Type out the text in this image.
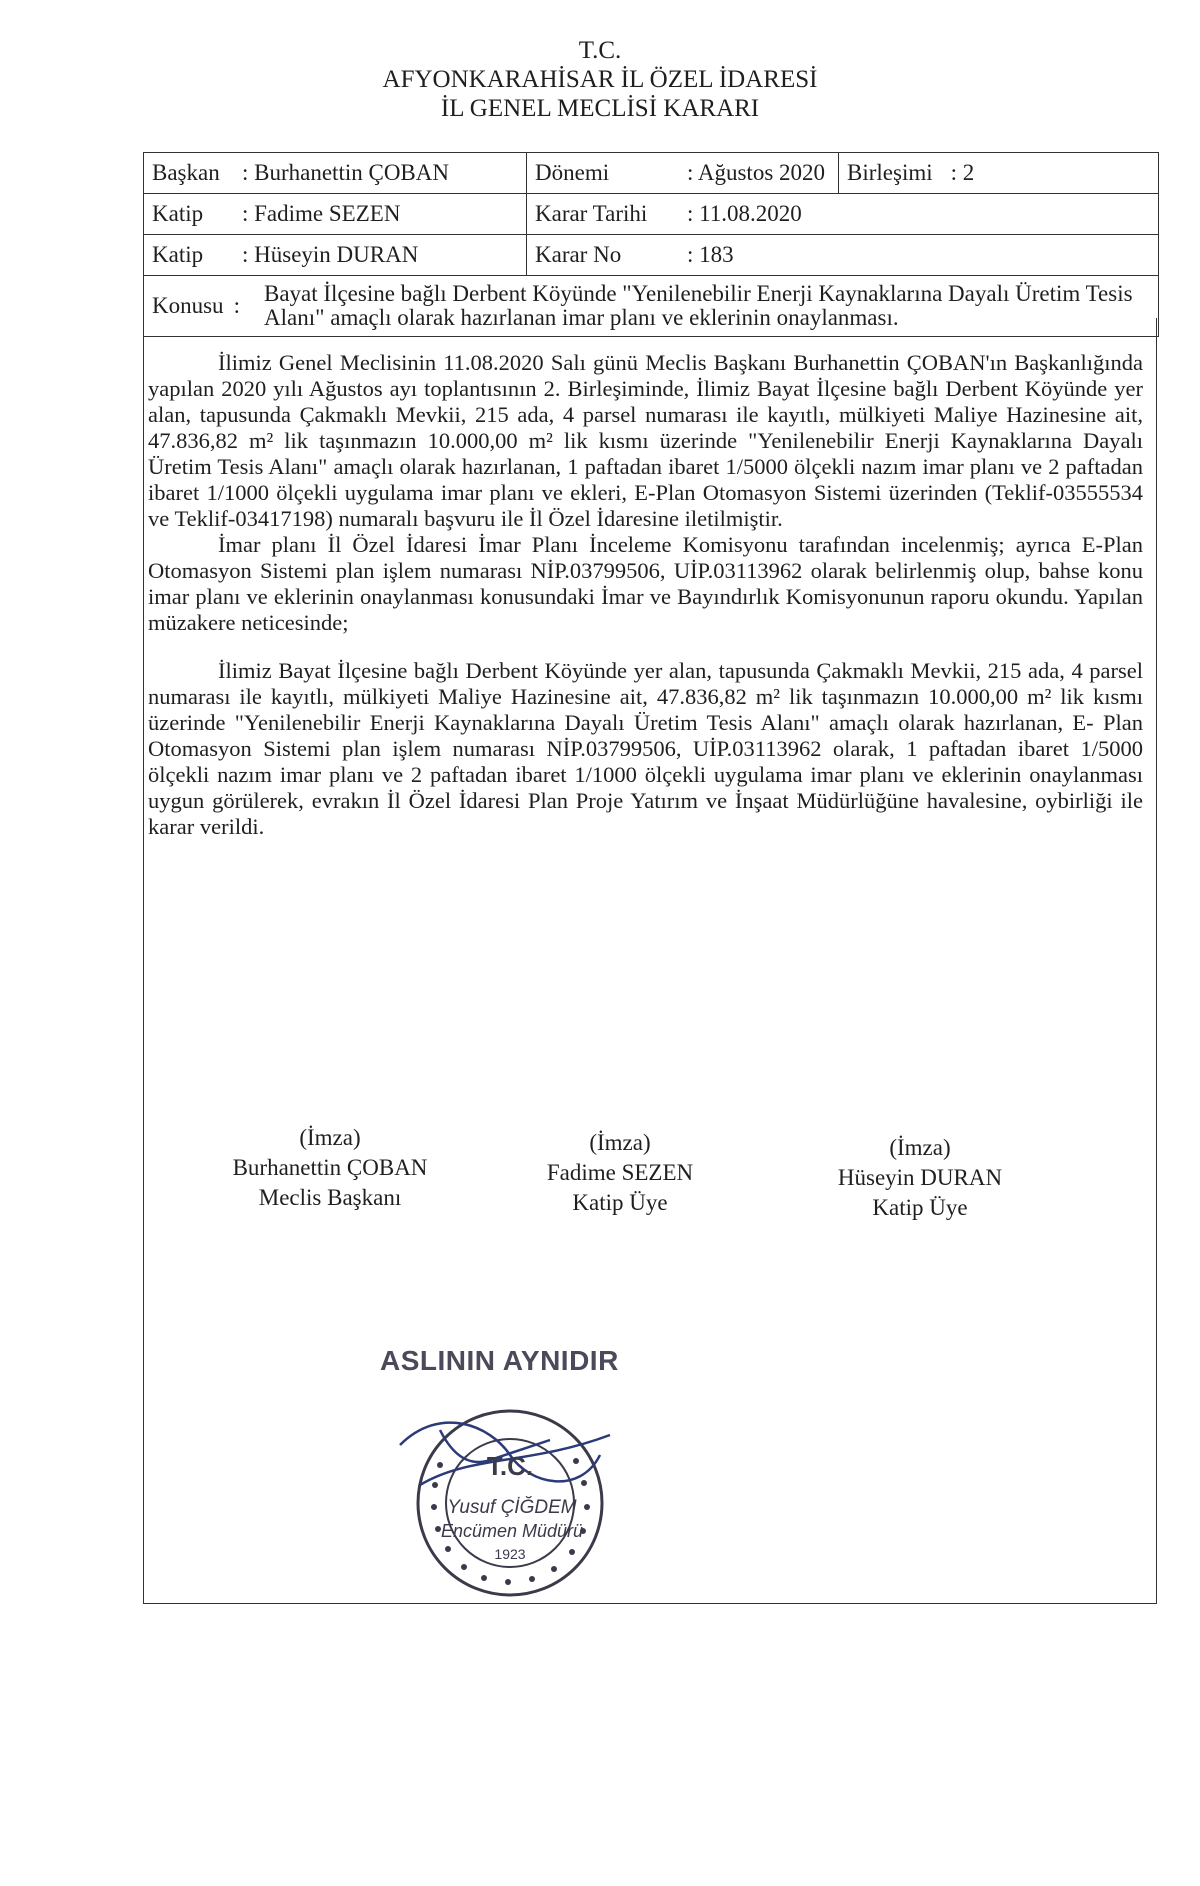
T.C.
AFYONKARAHİSAR İL ÖZEL İDARESİ
İL GENEL MECLİSİ KARARI
Başkan : Burhanettin ÇOBAN	Dönemi	: Ağustos 2020 Birleşimi : 2
Katip	: Fadime SEZEN	Karar Tarihi	: 11.08.2020
Katip	: Hüseyin DURAN	Karar No	: 183
Konusu :	Bayat İlçesine bağlı Derbent Köyünde "Yenilenebilir Enerji Kaynaklarına Dayalı Üretim Tesis Alanı" amaçlı olarak hazırlanan imar planı ve eklerinin onaylanması.

İlimiz Genel Meclisinin 11.08.2020 Salı günü Meclis Başkanı Burhanettin ÇOBAN'ın Başkanlığında yapılan 2020 yılı Ağustos ayı toplantısının 2. Birleşiminde, İlimiz Bayat İlçesine bağlı Derbent Köyünde yer alan, tapusunda Çakmaklı Mevkii, 215 ada, 4 parsel numarası ile kayıtlı, mülkiyeti Maliye Hazinesine ait, 47.836,82 m² lik taşınmazın 10.000,00 m² lik kısmı üzerinde "Yenilenebilir Enerji Kaynaklarına Dayalı Üretim Tesis Alanı" amaçlı olarak hazırlanan, 1 paftadan ibaret 1/5000 ölçekli nazım imar planı ve 2 paftadan ibaret 1/1000 ölçekli uygulama imar planı ve ekleri, E-Plan Otomasyon Sistemi üzerinden (Teklif-03555534 ve Teklif-03417198) numaralı başvuru ile İl Özel İdaresine iletilmiştir.

İmar planı İl Özel İdaresi İmar Planı İnceleme Komisyonu tarafından incelenmiş; ayrıca E-Plan Otomasyon Sistemi plan işlem numarası NİP.03799506, UİP.03113962 olarak belirlenmiş olup, bahse konu imar planı ve eklerinin onaylanması konusundaki İmar ve Bayındırlık Komisyonunun raporu okundu. Yapılan müzakere neticesinde;

İlimiz Bayat İlçesine bağlı Derbent Köyünde yer alan, tapusunda Çakmaklı Mevkii, 215 ada, 4 parsel numarası ile kayıtlı, mülkiyeti Maliye Hazinesine ait, 47.836,82 m² lik taşınmazın 10.000,00 m² lik kısmı üzerinde "Yenilenebilir Enerji Kaynaklarına Dayalı Üretim Tesis Alanı" amaçlı olarak hazırlanan, E- Plan Otomasyon Sistemi plan işlem numarası NİP.03799506, UİP.03113962 olarak, 1 paftadan ibaret 1/5000 ölçekli nazım imar planı ve 2 paftadan ibaret 1/1000 ölçekli uygulama imar planı ve eklerinin onaylanması uygun görülerek, evrakın İl Özel İdaresi Plan Proje Yatırım ve İnşaat Müdürlüğüne havalesine, oybirliği ile karar verildi.

(İmza)
Burhanettin ÇOBAN
Meclis Başkanı
(İmza)
Fadime SEZEN
Katip Üye
(İmza)
Hüseyin DURAN
Katip Üye
T.C.
Yusuf ÇİĞDEM
Encümen Müdürü
1923
ASLININ AYNIDIR
